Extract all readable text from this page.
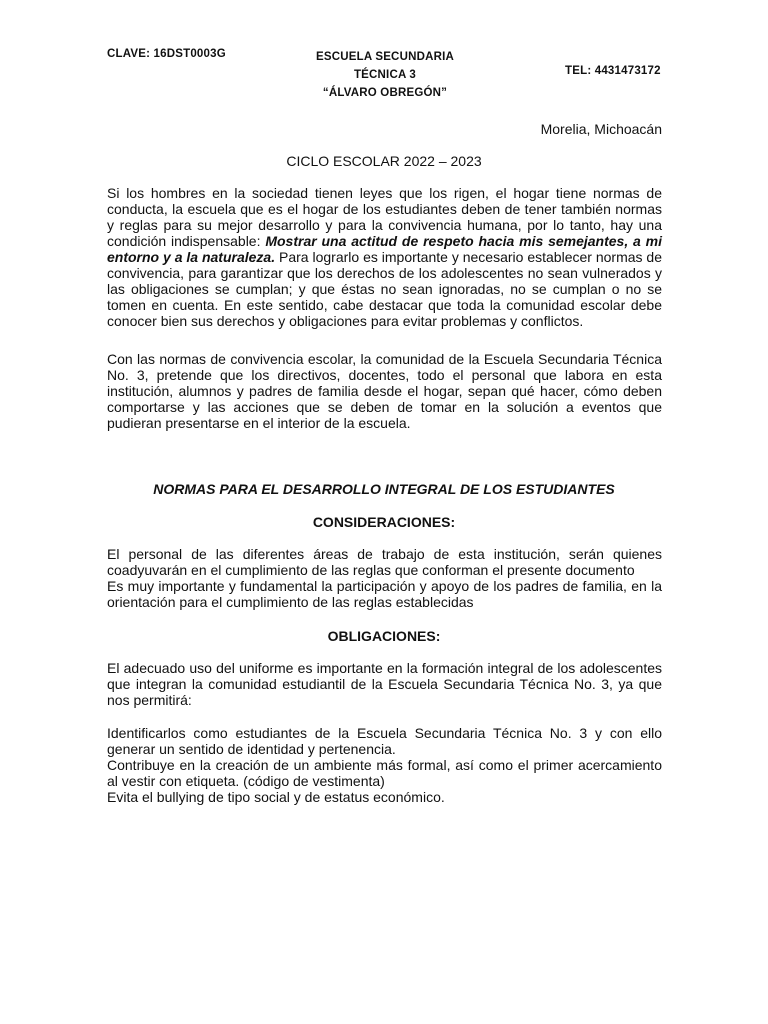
CLAVE: 16DST0003G	ESCUELA SECUNDARIA TÉCNICA 3
“ÁLVARO OBREGÓN”
TEL: 4431473172
Morelia, Michoacán
CICLO ESCOLAR 2022 – 2023

Si los hombres en la sociedad tienen leyes que los rigen, el hogar tiene normas de conducta, la escuela que es el hogar de los estudiantes deben de tener también normas y reglas para su mejor desarrollo y para la convivencia humana, por lo tanto, hay una condición indispensable: Mostrar una actitud de respeto hacia mis semejantes, a mi entorno y a la naturaleza. Para lograrlo es importante y necesario establecer normas de convivencia, para garantizar que los derechos de los adolescentes no sean vulnerados y las obligaciones se cumplan; y que éstas no sean ignoradas, no se cumplan o no se tomen en cuenta. En este sentido, cabe destacar que toda la comunidad escolar debe conocer bien sus derechos y obligaciones para evitar problemas y conflictos.

Con las normas de convivencia escolar, la comunidad de la Escuela Secundaria Técnica No. 3, pretende que los directivos, docentes, todo el personal que labora en esta institución, alumnos y padres de familia desde el hogar, sepan qué hacer, cómo deben comportarse y las acciones que se deben de tomar en la solución a eventos que pudieran presentarse en el interior de la escuela.

NORMAS PARA EL DESARROLLO INTEGRAL DE LOS ESTUDIANTES
CONSIDERACIONES:

El personal de las diferentes áreas de trabajo de esta institución, serán quienes coadyuvarán en el cumplimiento de las reglas que conforman el presente documento

Es muy importante y fundamental la participación y apoyo de los padres de familia, en la orientación para el cumplimiento de las reglas establecidas

OBLIGACIONES:

El adecuado uso del uniforme es importante en la formación integral de los adolescentes que integran la comunidad estudiantil de la Escuela Secundaria Técnica No. 3, ya que nos permitirá:

Identificarlos como estudiantes de la Escuela Secundaria Técnica No. 3 y con ello generar un sentido de identidad y pertenencia.

Contribuye en la creación de un ambiente más formal, así como el primer acercamiento al vestir con etiqueta. (código de vestimenta)

Evita el bullying de tipo social y de estatus económico.
